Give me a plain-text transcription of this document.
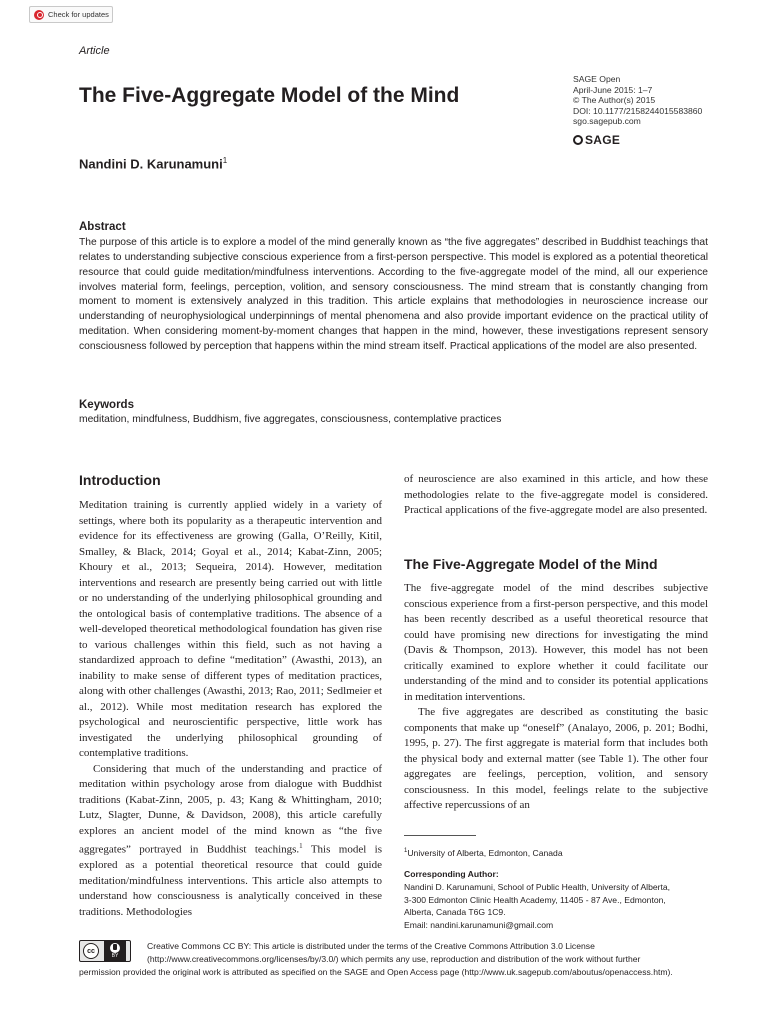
Check for updates
Article
SAGE Open
April-June 2015: 1–7
© The Author(s) 2015
DOI: 10.1177/2158244015583860
sgo.sagepub.com
SAGE
The Five-Aggregate Model of the Mind
Nandini D. Karunamuni$^1$
Abstract
The purpose of this article is to explore a model of the mind generally known as “the five aggregates” described in Buddhist teachings that relates to understanding subjective conscious experience from a first-person perspective. This model is explored as a potential theoretical resource that could guide meditation/mindfulness interventions. According to the five-aggregate model of the mind, all our experience involves material form, feelings, perception, volition, and sensory consciousness. The mind stream that is constantly changing from moment to moment is extensively analyzed in this tradition. This article explains that methodologies in neuroscience increase our understanding of neurophysiological underpinnings of mental phenomena and also provide important evidence on the practical utility of meditation. When considering moment-by-moment changes that happen in the mind, however, these investigations represent sensory consciousness followed by perception that happens within the mind stream itself. Practical applications of the model are also presented.
Keywords
meditation, mindfulness, Buddhism, five aggregates, consciousness, contemplative practices
Introduction

Meditation training is currently applied widely in a variety of settings, where both its popularity as a therapeutic intervention and evidence for its effectiveness are growing (Galla, O’Reilly, Kitil, Smalley, & Black, 2014; Goyal et al., 2014; Kabat-Zinn, 2005; Khoury et al., 2013; Sequeira, 2014). However, meditation interventions and research are presently being carried out with little or no understanding of the underlying philosophical grounding and the ontological basis of contemplative traditions. The absence of a well-developed theoretical methodological foundation has given rise to various challenges within this field, such as not having a standardized approach to define “meditation” (Awasthi, 2013), an inability to make sense of different types of meditation practices, along with other challenges (Awasthi, 2013; Rao, 2011; Sedlmeier et al., 2012). While most meditation research has explored the psychological and neuroscientific perspective, little work has investigated the underlying philosophical grounding of contemplative traditions.

Considering that much of the understanding and practice of meditation within psychology arose from dialogue with Buddhist traditions (Kabat-Zinn, 2005, p. 43; Kang & Whittingham, 2010; Lutz, Slagter, Dunne, & Davidson, 2008), this article carefully explores an ancient model of the mind known as “the five aggregates” portrayed in Buddhist teachings.$^1$ This model is explored as a potential theoretical resource that could guide meditation/mindfulness interventions. This article also attempts to understand how consciousness is analytically conceived in these traditions. Methodologies

of neuroscience are also examined in this article, and how these methodologies relate to the five-aggregate model is considered. Practical applications of the five-aggregate model are also presented.

The Five-Aggregate Model of the Mind

The five-aggregate model of the mind describes subjective conscious experience from a first-person perspective, and this model has been recently described as a useful theoretical resource that could have promising new directions for investigating the mind (Davis & Thompson, 2013). However, this model has not been critically examined to explore whether it could facilitate our understanding of the mind and to consider its potential applications in meditation interventions.

The five aggregates are described as constituting the basic components that make up “oneself” (Analayo, 2006, p. 201; Bodhi, 1995, p. 27). The first aggregate is material form that includes both the physical body and external matter (see Table 1). The other four aggregates are feelings, perception, volition, and sensory consciousness. In this model, feelings relate to the subjective affective repercussions of an

$^1$University of Alberta, Edmonton, Canada
Corresponding Author:
Nandini D. Karunamuni, School of Public Health, University of Alberta,
3-300 Edmonton Clinic Health Academy, 11405 - 87 Ave., Edmonton,
Alberta, Canada T6G 1C9.
Email: nandini.karunamuni@gmail.com
Creative Commons CC BY: This article is distributed under the terms of the Creative Commons Attribution 3.0 License
(http://www.creativecommons.org/licenses/by/3.0/) which permits any use, reproduction and distribution of the work without further
permission provided the original work is attributed as specified on the SAGE and Open Access page (http://www.uk.sagepub.com/aboutus/openaccess.htm).
cc
BY
